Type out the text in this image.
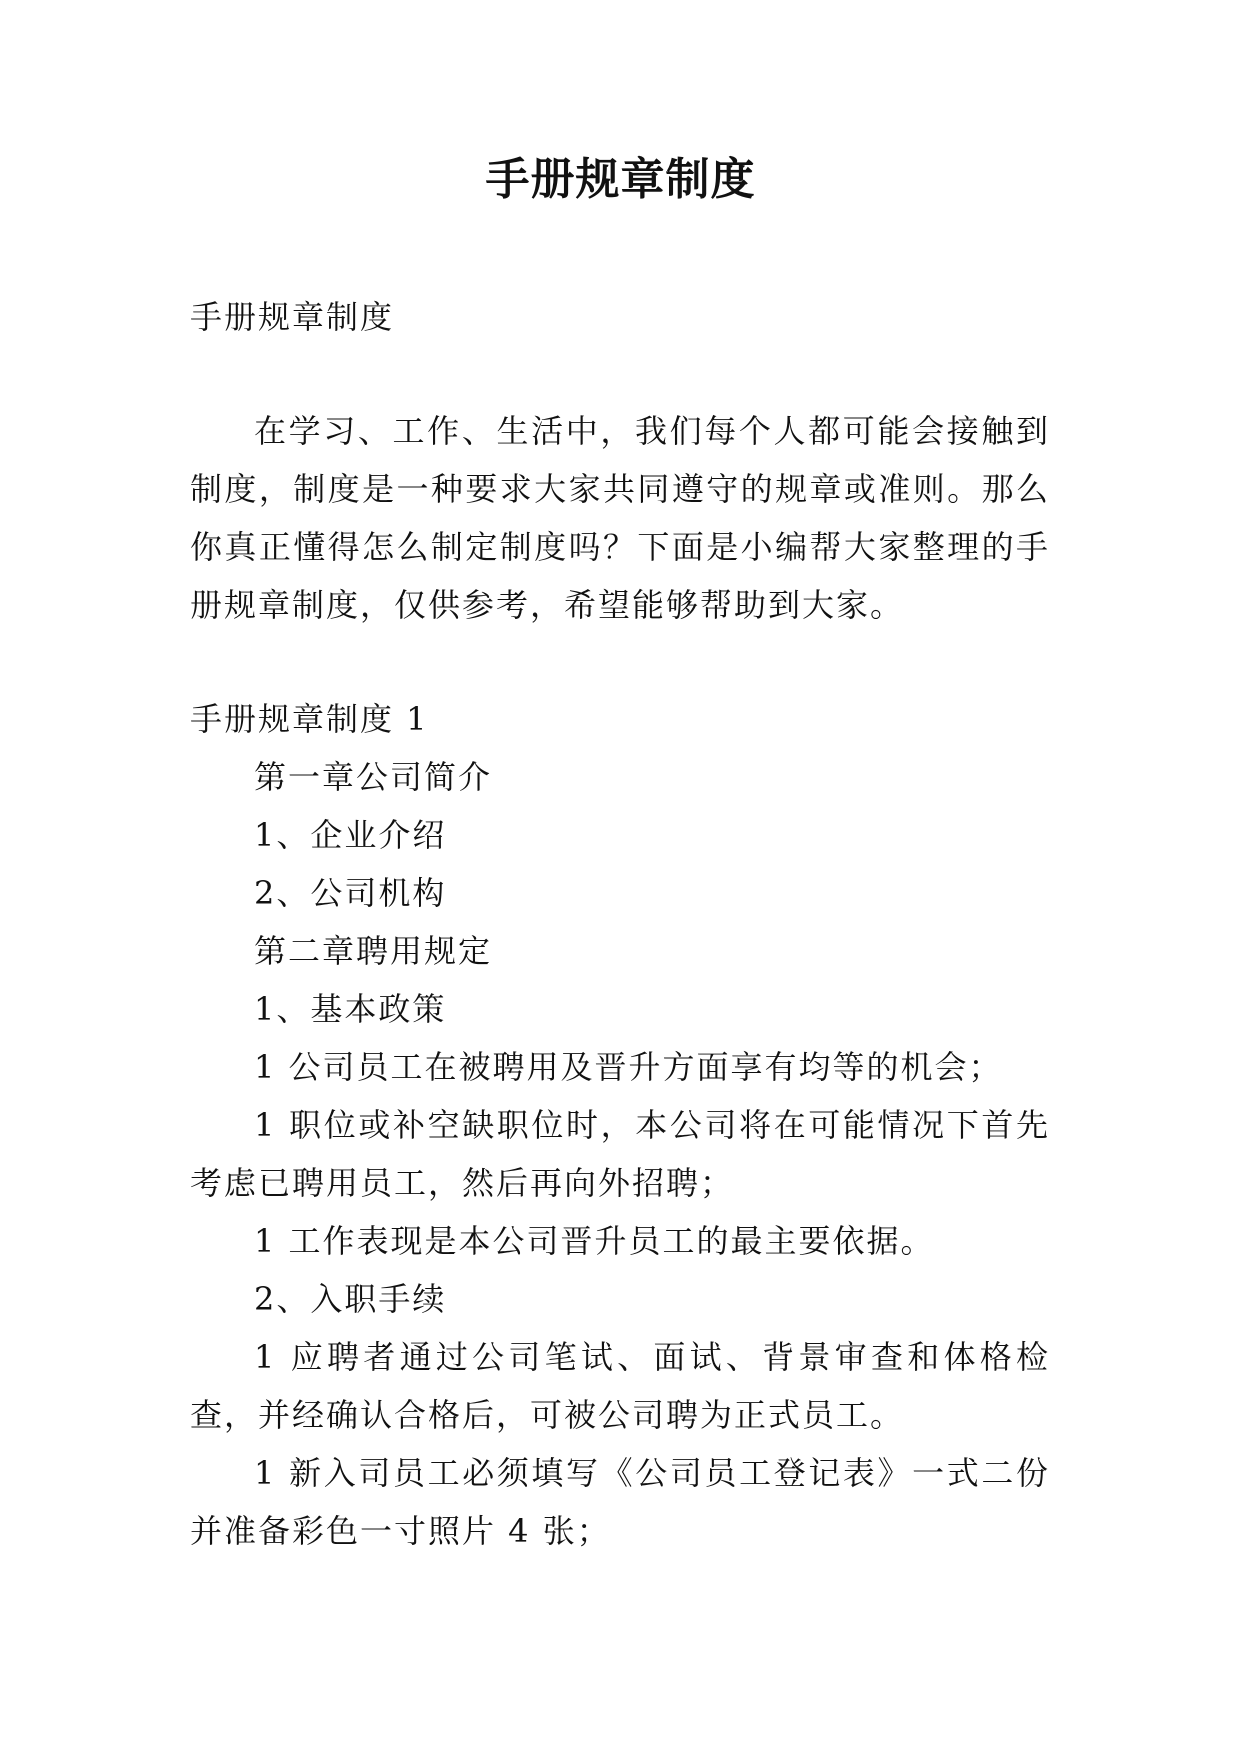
手册规章制度

手册规章制度

在学习、工作、生活中，我们每个人都可能会接触到制度，制度是一种要求大家共同遵守的规章或准则。那么你真正懂得怎么制定制度吗？下面是小编帮大家整理的手册规章制度，仅供参考，希望能够帮助到大家。

手册规章制度 1

第一章公司简介

1、企业介绍

2、公司机构

第二章聘用规定

1、基本政策

1 公司员工在被聘用及晋升方面享有均等的机会；

1 职位或补空缺职位时，本公司将在可能情况下首先考虑已聘用员工，然后再向外招聘；

1 工作表现是本公司晋升员工的最主要依据。

2、入职手续

1 应聘者通过公司笔试、面试、背景审查和体格检查，并经确认合格后，可被公司聘为正式员工。

1 新入司员工必须填写《公司员工登记表》一式二份并准备彩色一寸照片 4 张；
